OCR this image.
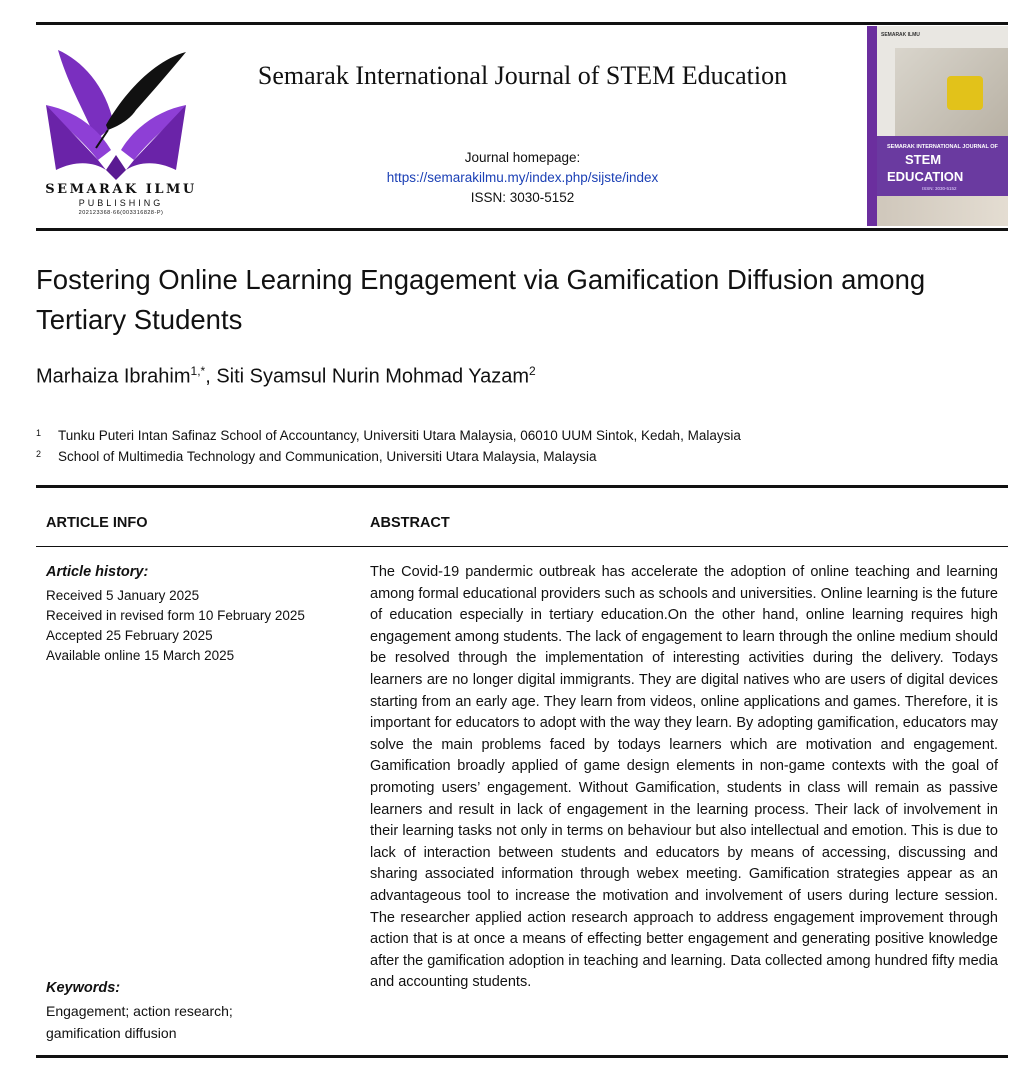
SEMARAK ILMU
PUBLISHING
202123368·66(003316828-P)
Semarak International Journal of STEM Education
Journal homepage:
https://semarakilmu.my/index.php/sijste/index
ISSN: 3030-5152
SEMARAK ILMU
SEMARAK INTERNATIONAL JOURNAL OF
STEM
EDUCATION
ISSN: 3030-5152
Fostering Online Learning Engagement via Gamification Diffusion among Tertiary Students
Marhaiza Ibrahim$^{1,*}$, Siti Syamsul Nurin Mohmad Yazam$^2$
1 Tunku Puteri Intan Safinaz School of Accountancy, Universiti Utara Malaysia, 06010 UUM Sintok, Kedah, Malaysia
2 School of Multimedia Technology and Communication, Universiti Utara Malaysia, Malaysia
ARTICLE INFO	ABSTRACT
Article history:
Received 5 January 2025
Received in revised form 10 February 2025
Accepted 25 February 2025
Available online 15 March 2025
Keywords:
Engagement; action research; gamification diffusion
The Covid-19 pandermic outbreak has accelerate the adoption of online teaching and learning among formal educational providers such as schools and universities. Online learning is the future of education especially in tertiary education.On the other hand, online learning requires high engagement among students. The lack of engagement to learn through the online medium should be resolved through the implementation of interesting activities during the delivery. Todays learners are no longer digital immigrants. They are digital natives who are users of digital devices starting from an early age. They learn from videos, online applications and games. Therefore, it is important for educators to adopt with the way they learn. By adopting gamification, educators may solve the main problems faced by todays learners which are motivation and engagement. Gamification broadly applied of game design elements in non-game contexts with the goal of promoting users’ engagement. Without Gamification, students in class will remain as passive learners and result in lack of engagement in the learning process. Their lack of involvement in their learning tasks not only in terms on behaviour but also intellectual and emotion. This is due to lack of interaction between students and educators by means of accessing, discussing and sharing associated information through webex meeting. Gamification strategies appear as an advantageous tool to increase the motivation and involvement of users during lecture session. The researcher applied action research approach to address engagement improvement through action that is at once a means of effecting better engagement and generating positive knowledge after the gamification adoption in teaching and learning. Data collected among hundred fifty media and accounting students.
